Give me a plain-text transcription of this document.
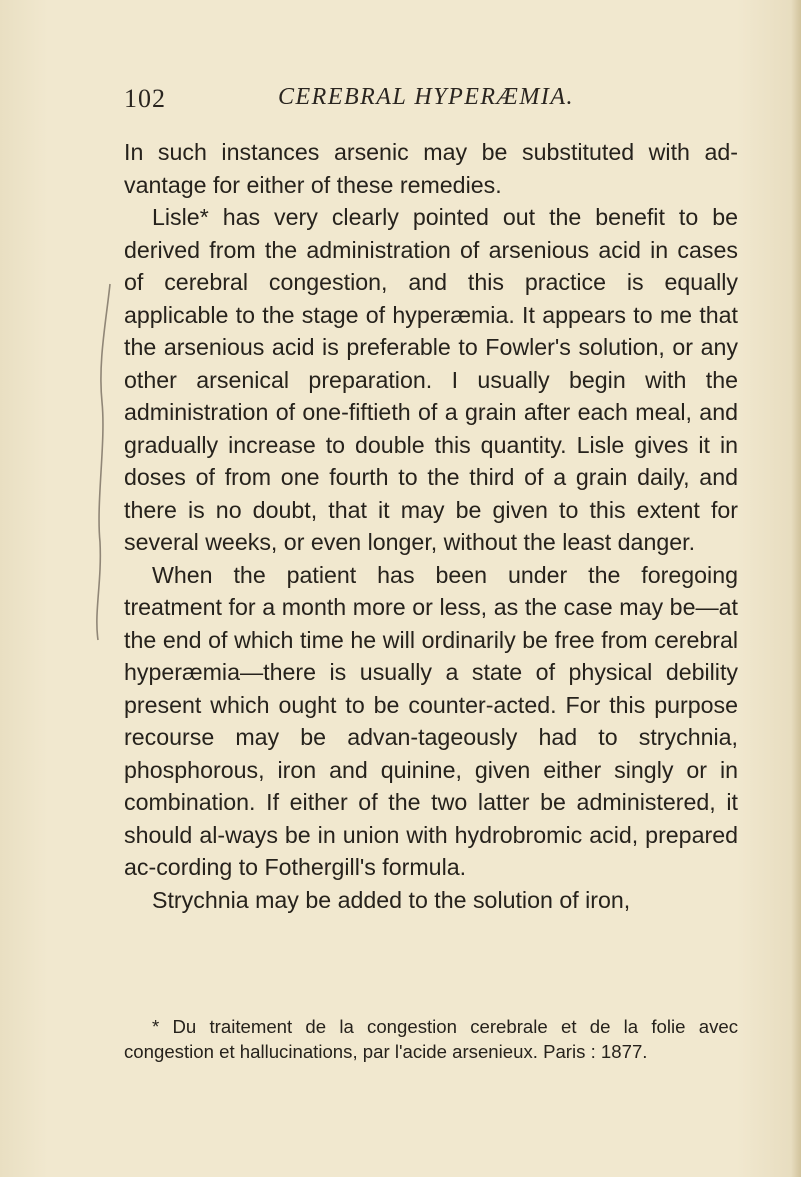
102	CEREBRAL HYPERÆMIA.

In such instances arsenic may be substituted with ad-vantage for either of these remedies.

Lisle* has very clearly pointed out the benefit to be derived from the administration of arsenious acid in cases of cerebral congestion, and this practice is equally applicable to the stage of hyperæmia. It appears to me that the arsenious acid is preferable to Fowler's solution, or any other arsenical preparation. I usually begin with the administration of one-fiftieth of a grain after each meal, and gradually increase to double this quantity. Lisle gives it in doses of from one fourth to the third of a grain daily, and there is no doubt, that it may be given to this extent for several weeks, or even longer, without the least danger.

When the patient has been under the foregoing treatment for a month more or less, as the case may be—at the end of which time he will ordinarily be free from cerebral hyperæmia—there is usually a state of physical debility present which ought to be counter-acted. For this purpose recourse may be advan-tageously had to strychnia, phosphorous, iron and quinine, given either singly or in combination. If either of the two latter be administered, it should al-ways be in union with hydrobromic acid, prepared ac-cording to Fothergill's formula.

Strychnia may be added to the solution of iron,

* Du traitement de la congestion cerebrale et de la folie avec congestion et hallucinations, par l'acide arsenieux. Paris : 1877.
